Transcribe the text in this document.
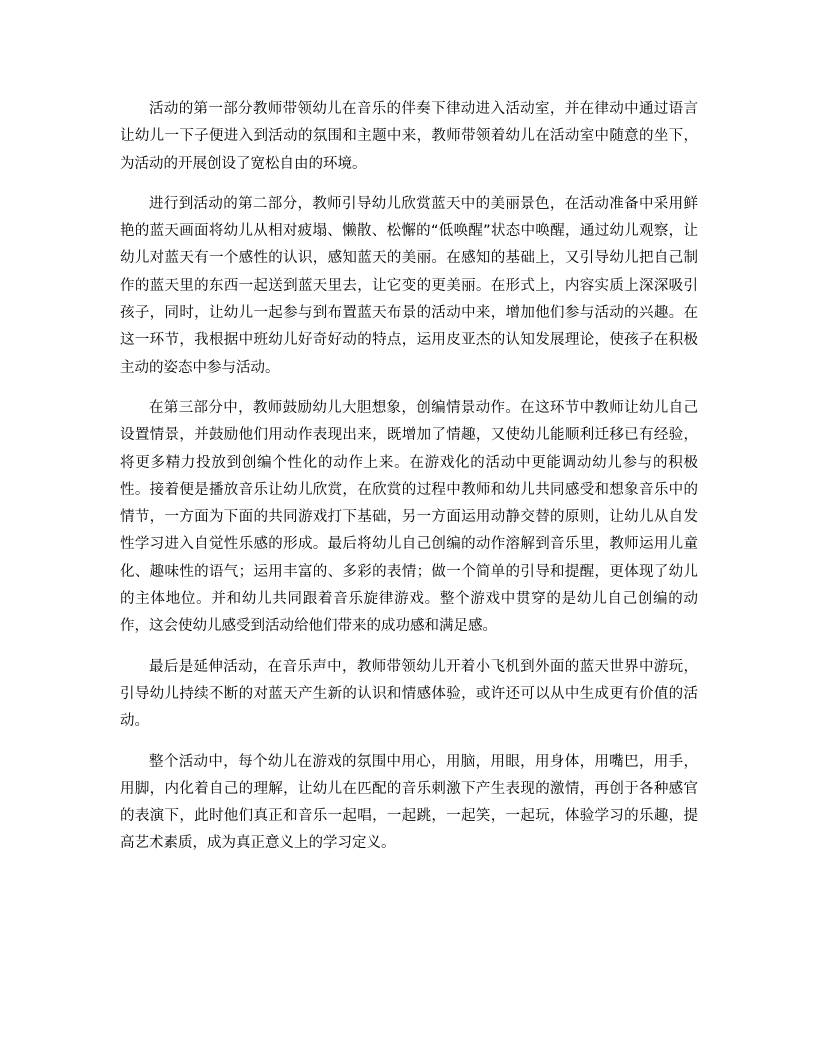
活动的第一部分教师带领幼儿在音乐的伴奏下律动进入活动室，并在律动中通过语言让幼儿一下子便进入到活动的氛围和主题中来，教师带领着幼儿在活动室中随意的坐下，为活动的开展创设了宽松自由的环境。

进行到活动的第二部分，教师引导幼儿欣赏蓝天中的美丽景色，在活动准备中采用鲜艳的蓝天画面将幼儿从相对疲塌、懒散、松懈的“低唤醒”状态中唤醒，通过幼儿观察，让幼儿对蓝天有一个感性的认识，感知蓝天的美丽。在感知的基础上，又引导幼儿把自己制作的蓝天里的东西一起送到蓝天里去，让它变的更美丽。在形式上，内容实质上深深吸引孩子，同时，让幼儿一起参与到布置蓝天布景的活动中来，增加他们参与活动的兴趣。在这一环节，我根据中班幼儿好奇好动的特点，运用皮亚杰的认知发展理论，使孩子在积极主动的姿态中参与活动。

在第三部分中，教师鼓励幼儿大胆想象，创编情景动作。在这环节中教师让幼儿自己设置情景，并鼓励他们用动作表现出来，既增加了情趣，又使幼儿能顺利迁移已有经验，将更多精力投放到创编个性化的动作上来。在游戏化的活动中更能调动幼儿参与的积极性。接着便是播放音乐让幼儿欣赏，在欣赏的过程中教师和幼儿共同感受和想象音乐中的情节，一方面为下面的共同游戏打下基础，另一方面运用动静交替的原则，让幼儿从自发性学习进入自觉性乐感的形成。最后将幼儿自己创编的动作溶解到音乐里，教师运用儿童化、趣味性的语气；运用丰富的、多彩的表情；做一个简单的引导和提醒，更体现了幼儿的主体地位。并和幼儿共同跟着音乐旋律游戏。整个游戏中贯穿的是幼儿自己创编的动作，这会使幼儿感受到活动给他们带来的成功感和满足感。

最后是延伸活动，在音乐声中，教师带领幼儿开着小飞机到外面的蓝天世界中游玩，引导幼儿持续不断的对蓝天产生新的认识和情感体验，或许还可以从中生成更有价值的活动。

整个活动中，每个幼儿在游戏的氛围中用心，用脑，用眼，用身体，用嘴巴，用手，用脚，内化着自己的理解，让幼儿在匹配的音乐刺激下产生表现的激情，再创于各种感官的表演下，此时他们真正和音乐一起唱，一起跳，一起笑，一起玩，体验学习的乐趣，提高艺术素质，成为真正意义上的学习定义。
